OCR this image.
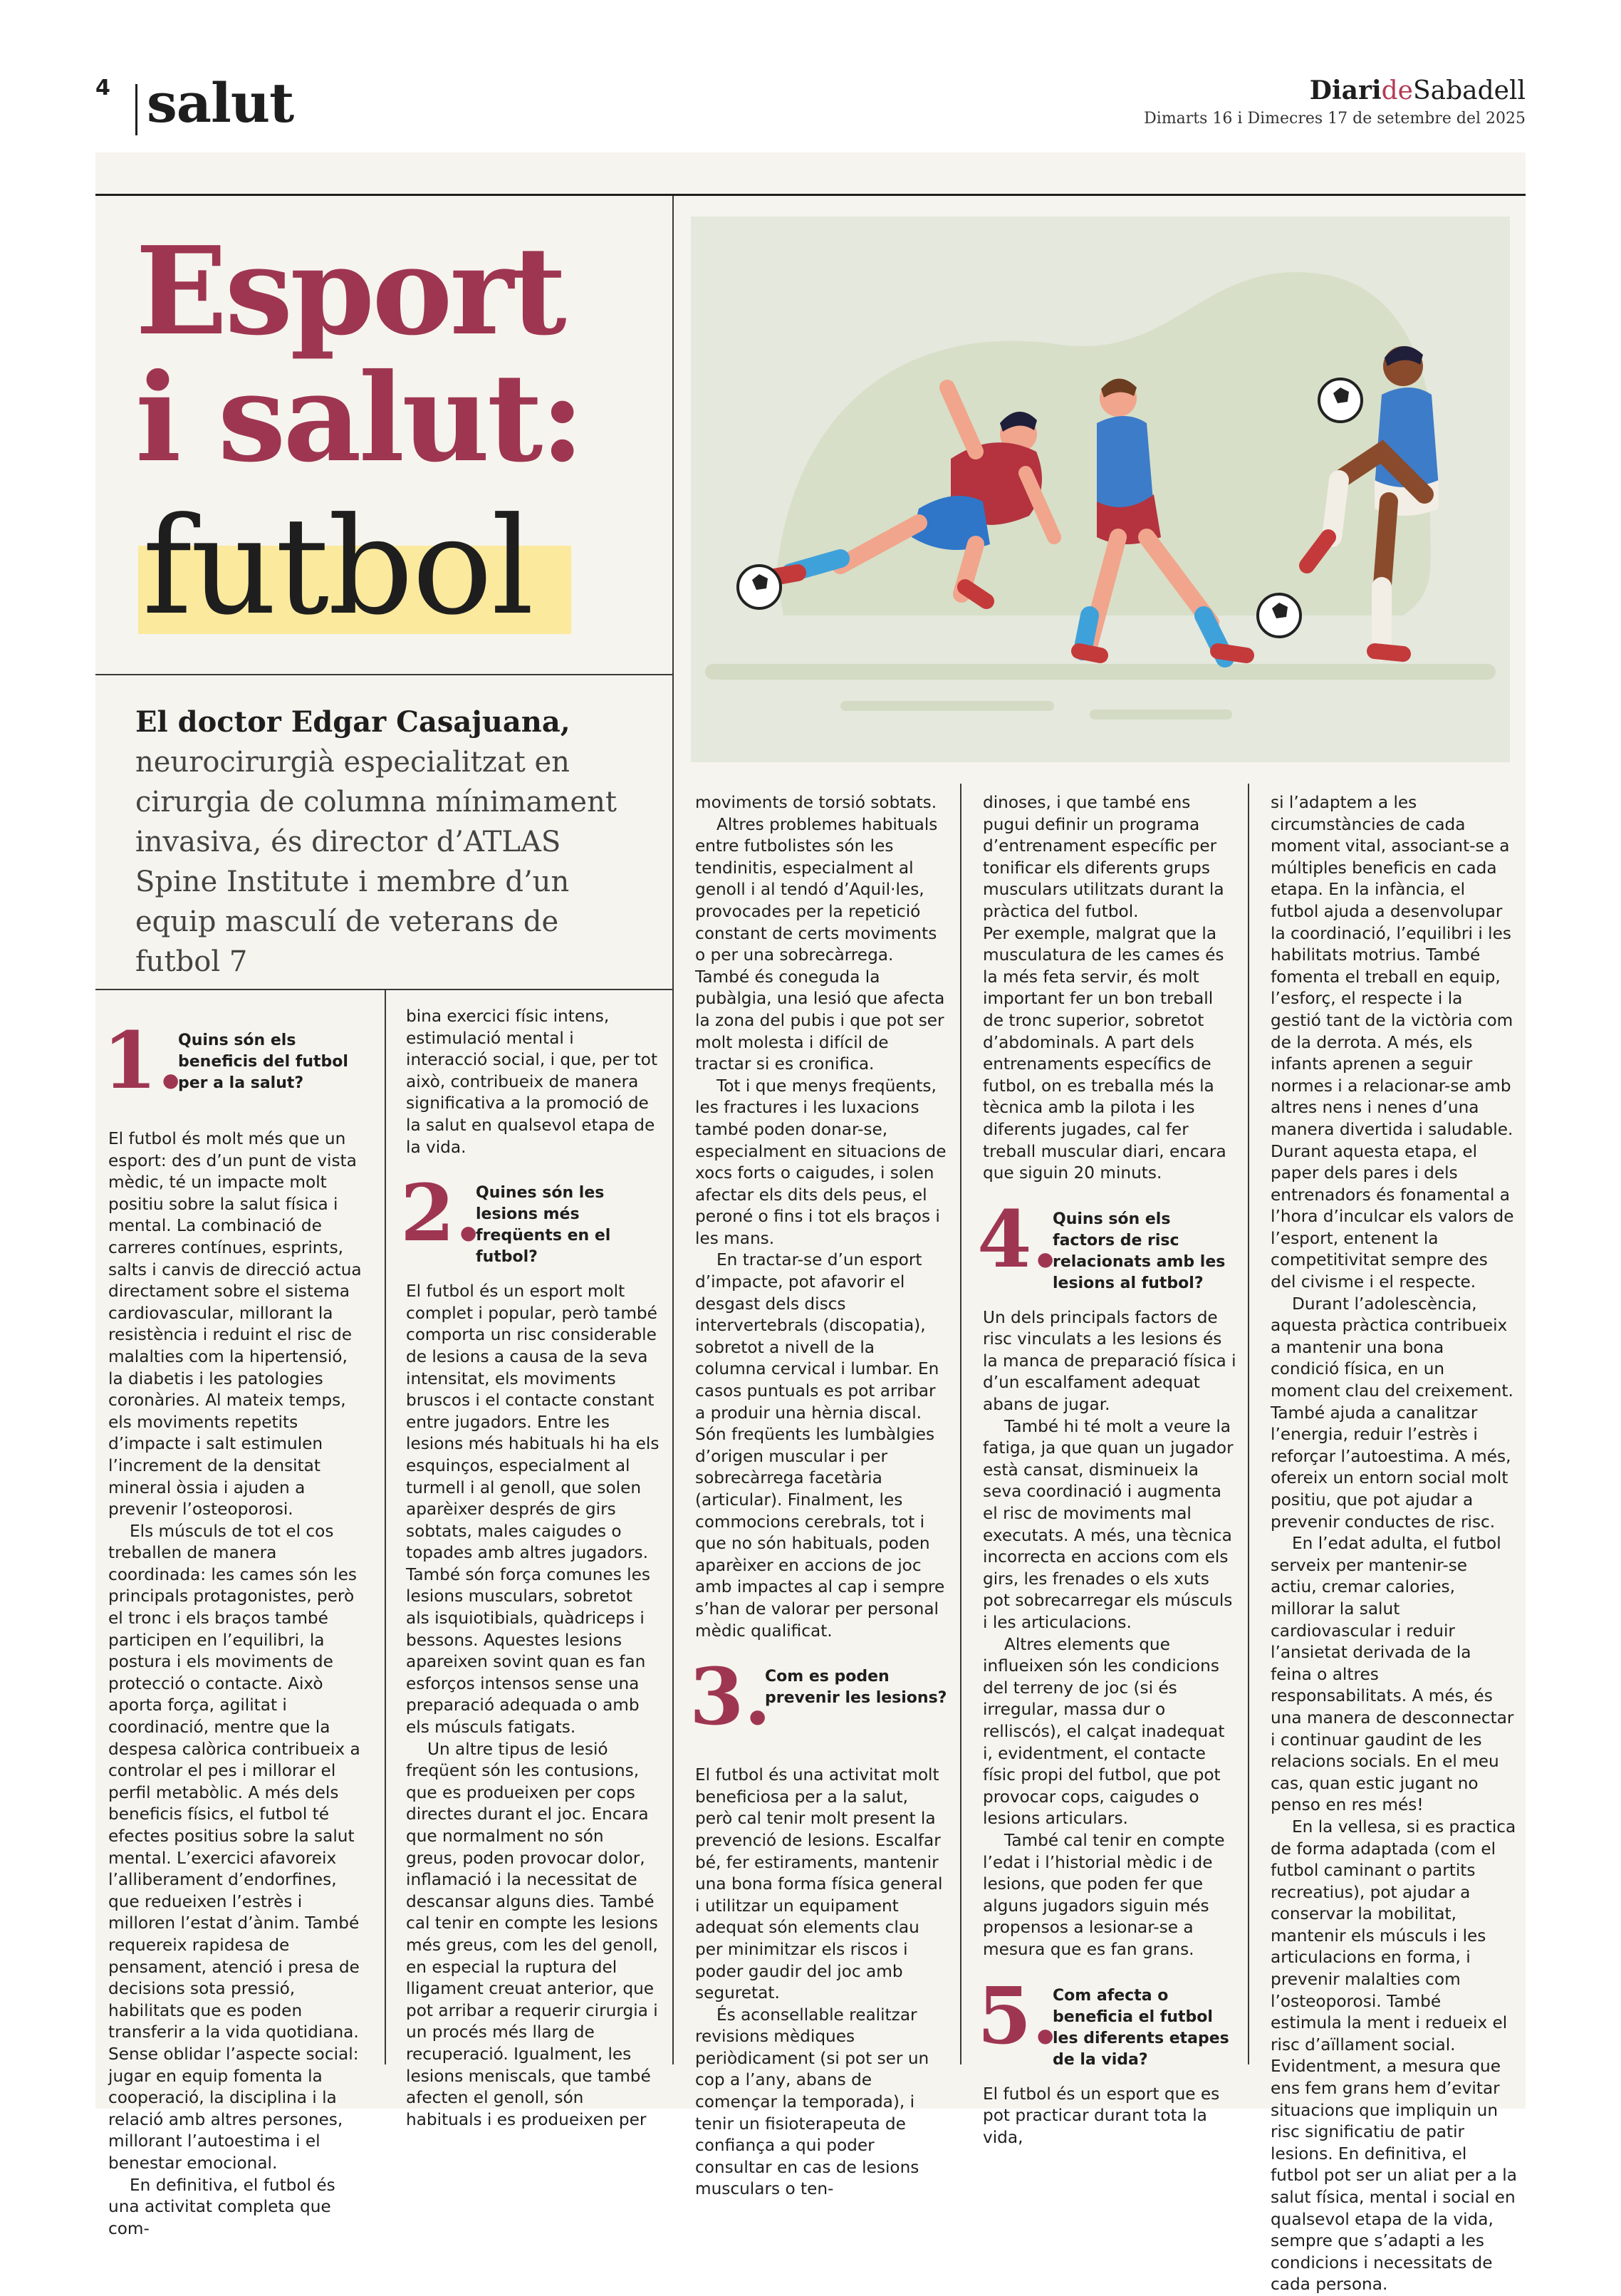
4 salut	DiarideSabadell
Dimarts 16 i Dimecres 17 de setembre del 2025
Esport
i salut:
futbol
El doctor Edgar Casajuana,
neurocirurgià especialitzat en cirurgia de columna mínimament invasiva, és director d’ATLAS Spine Institute i membre d’un equip masculí de veterans de futbol 7
1.
Quins són els beneficis del futbol per a la salut?

El futbol és molt més que un esport: des d’un punt de vista mèdic, té un impacte molt positiu sobre la salut física i mental. La combinació de carreres contínues, esprints, salts i canvis de direcció actua directament sobre el sistema cardiovascular, millorant la resistència i reduint el risc de malalties com la hipertensió, la diabetis i les patologies coronàries. Al mateix temps, els moviments repetits d’impacte i salt estimulen l’increment de la densitat mineral òssia i ajuden a prevenir l’osteoporosi.

Els músculs de tot el cos treballen de manera coordinada: les cames són les principals protagonistes, però el tronc i els braços també participen en l’equilibri, la postura i els moviments de protecció o contacte. Això aporta força, agilitat i coordinació, mentre que la despesa calòrica contribueix a controlar el pes i millorar el perfil metabòlic. A més dels beneficis físics, el futbol té efectes positius sobre la salut mental. L’exercici afavoreix l’alliberament d’endorfines, que redueixen l’estrès i milloren l’estat d’ànim. També requereix rapidesa de pensament, atenció i presa de decisions sota pressió, habilitats que es poden transferir a la vida quotidiana. Sense oblidar l’aspecte social: jugar en equip fomenta la cooperació, la disciplina i la relació amb altres persones, millorant l’autoestima i el benestar emocional.

En definitiva, el futbol és una activitat completa que com-

bina exercici físic intens, estimulació mental i interacció social, i que, per tot això, contribueix de manera significativa a la promoció de la salut en qualsevol etapa de la vida.

2.
Quines són les lesions més freqüents en el futbol?

El futbol és un esport molt complet i popular, però també comporta un risc considerable de lesions a causa de la seva intensitat, els moviments bruscos i el contacte constant entre jugadors. Entre les lesions més habituals hi ha els esquinços, especialment al turmell i al genoll, que solen aparèixer després de girs sobtats, males caigudes o topades amb altres jugadors. També són força comunes les lesions musculars, sobretot als isquiotibials, quàdriceps i bessons. Aquestes lesions apareixen sovint quan es fan esforços intensos sense una preparació adequada o amb els músculs fatigats.

Un altre tipus de lesió freqüent són les contusions, que es produeixen per cops directes durant el joc. Encara que normalment no són greus, poden provocar dolor, inflamació i la necessitat de descansar alguns dies. També cal tenir en compte les lesions més greus, com les del genoll, en especial la ruptura del lligament creuat anterior, que pot arribar a requerir cirurgia i un procés més llarg de recuperació. Igualment, les lesions meniscals, que també afecten el genoll, són habituals i es produeixen per

moviments de torsió sobtats.

Altres problemes habituals entre futbolistes són les tendinitis, especialment al genoll i al tendó d’Aquil·les, provocades per la repetició constant de certs moviments o per una sobrecàrrega. També és coneguda la pubàlgia, una lesió que afecta la zona del pubis i que pot ser molt molesta i difícil de tractar si es cronifica.

Tot i que menys freqüents, les fractures i les luxacions també poden donar-se, especialment en situacions de xocs forts o caigudes, i solen afectar els dits dels peus, el peroné o fins i tot els braços i les mans.

En tractar-se d’un esport d’impacte, pot afavorir el desgast dels discs intervertebrals (discopatia), sobretot a nivell de la columna cervical i lumbar. En casos puntuals es pot arribar a produir una hèrnia discal. Són freqüents les lumbàlgies d’origen muscular i per sobrecàrrega facetària (articular). Finalment, les commocions cerebrals, tot i que no són habituals, poden aparèixer en accions de joc amb impactes al cap i sempre s’han de valorar per personal mèdic qualificat.

3.
Com es poden prevenir les lesions?

El futbol és una activitat molt beneficiosa per a la salut, però cal tenir molt present la prevenció de lesions. Escalfar bé, fer estiraments, mantenir una bona forma física general i utilitzar un equipament adequat són elements clau per minimitzar els riscos i poder gaudir del joc amb seguretat.

És aconsellable realitzar revisions mèdiques periòdicament (si pot ser un cop a l’any, abans de començar la temporada), i tenir un fisioterapeuta de confiança a qui poder consultar en cas de lesions musculars o ten-

dinoses, i que també ens pugui definir un programa d’entrenament específic per tonificar els diferents grups musculars utilitzats durant la pràctica del futbol.

Per exemple, malgrat que la musculatura de les cames és la més feta servir, és molt important fer un bon treball de tronc superior, sobretot d’abdominals. A part dels entrenaments específics de futbol, on es treballa més la tècnica amb la pilota i les diferents jugades, cal fer treball muscular diari, encara que siguin 20 minuts.

4.
Quins són els factors de risc relacionats amb les lesions al futbol?

Un dels principals factors de risc vinculats a les lesions és la manca de preparació física i d’un escalfament adequat abans de jugar.

També hi té molt a veure la fatiga, ja que quan un jugador està cansat, disminueix la seva coordinació i augmenta el risc de moviments mal executats. A més, una tècnica incorrecta en accions com els girs, les frenades o els xuts pot sobrecarregar els músculs i les articulacions.

Altres elements que influeixen són les condicions del terreny de joc (si és irregular, massa dur o relliscós), el calçat inadequat i, evidentment, el contacte físic propi del futbol, que pot provocar cops, caigudes o lesions articulars.

També cal tenir en compte l’edat i l’historial mèdic i de lesions, que poden fer que alguns jugadors siguin més propensos a lesionar-se a mesura que es fan grans.

5.
Com afecta o beneficia el futbol les diferents etapes de la vida?

El futbol és un esport que es pot practicar durant tota la vida,

si l’adaptem a les circumstàncies de cada moment vital, associant-se a múltiples beneficis en cada etapa. En la infància, el futbol ajuda a desenvolupar la coordinació, l’equilibri i les habilitats motrius. També fomenta el treball en equip, l’esforç, el respecte i la gestió tant de la victòria com de la derrota. A més, els infants aprenen a seguir normes i a relacionar-se amb altres nens i nenes d’una manera divertida i saludable. Durant aquesta etapa, el paper dels pares i dels entrenadors és fonamental a l’hora d’inculcar els valors de l’esport, entenent la competitivitat sempre des del civisme i el respecte.

Durant l’adolescència, aquesta pràctica contribueix a mantenir una bona condició física, en un moment clau del creixement. També ajuda a canalitzar l’energia, reduir l’estrès i reforçar l’autoestima. A més, ofereix un entorn social molt positiu, que pot ajudar a prevenir conductes de risc.

En l’edat adulta, el futbol serveix per mantenir-se actiu, cremar calories, millorar la salut cardiovascular i reduir l’ansietat derivada de la feina o altres responsabilitats. A més, és una manera de desconnectar i continuar gaudint de les relacions socials. En el meu cas, quan estic jugant no penso en res més!

En la vellesa, si es practica de forma adaptada (com el futbol caminant o partits recreatius), pot ajudar a conservar la mobilitat, mantenir els músculs i les articulacions en forma, i prevenir malalties com l’osteoporosi. També estimula la ment i redueix el risc d’aïllament social. Evidentment, a mesura que ens fem grans hem d’evitar situacions que impliquin un risc significatiu de patir lesions. En definitiva, el futbol pot ser un aliat per a la salut física, mental i social en qualsevol etapa de la vida, sempre que s’adapti a les condicions i necessitats de cada persona.
